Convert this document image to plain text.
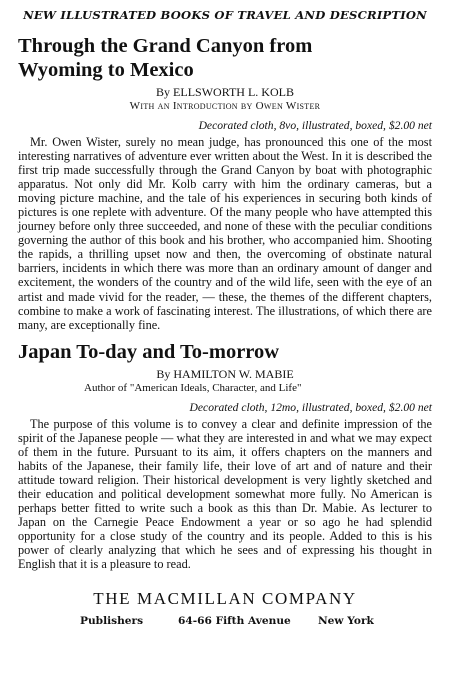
NEW ILLUSTRATED BOOKS OF TRAVEL AND DESCRIPTION
Through the Grand Canyon from
Wyoming to Mexico
By ELLSWORTH L. KOLB
With an Introduction by Owen Wister
Decorated cloth, 8vo, illustrated, boxed, $2.00 net

Mr. Owen Wister, surely no mean judge, has pronounced this one of the most interesting narratives of adventure ever written about the West. In it is described the first trip made successfully through the Grand Canyon by boat with photographic apparatus. Not only did Mr. Kolb carry with him the ordinary cameras, but a moving picture machine, and the tale of his experiences in securing both kinds of pictures is one replete with adventure. Of the many people who have attempted this journey before only three succeeded, and none of these with the peculiar conditions governing the author of this book and his brother, who accompanied him. Shooting the rapids, a thrilling upset now and then, the overcoming of obstinate natural barriers, incidents in which there was more than an ordinary amount of danger and excitement, the wonders of the country and of the wild life, seen with the eye of an artist and made vivid for the reader, — these, the themes of the different chapters, combine to make a work of fascinating interest. The illustrations, of which there are many, are exceptionally fine.

Japan To-day and To-morrow
By HAMILTON W. MABIE
Author of "American Ideals, Character, and Life"
Decorated cloth, 12mo, illustrated, boxed, $2.00 net

The purpose of this volume is to convey a clear and definite impression of the spirit of the Japanese people — what they are interested in and what we may expect of them in the future. Pursuant to its aim, it offers chapters on the manners and habits of the Japanese, their family life, their love of art and of nature and their attitude toward religion. Their historical development is very lightly sketched and their education and political development somewhat more fully. No American is perhaps better fitted to write such a book as this than Dr. Mabie. As lecturer to Japan on the Carnegie Peace Endowment a year or so ago he had splendid opportunity for a close study of the country and its people. Added to this is his power of clearly analyzing that which he sees and of expressing his thought in English that it is a pleasure to read.

THE MACMILLAN COMPANY
Publishers	64-66 Fifth Avenue	New York
